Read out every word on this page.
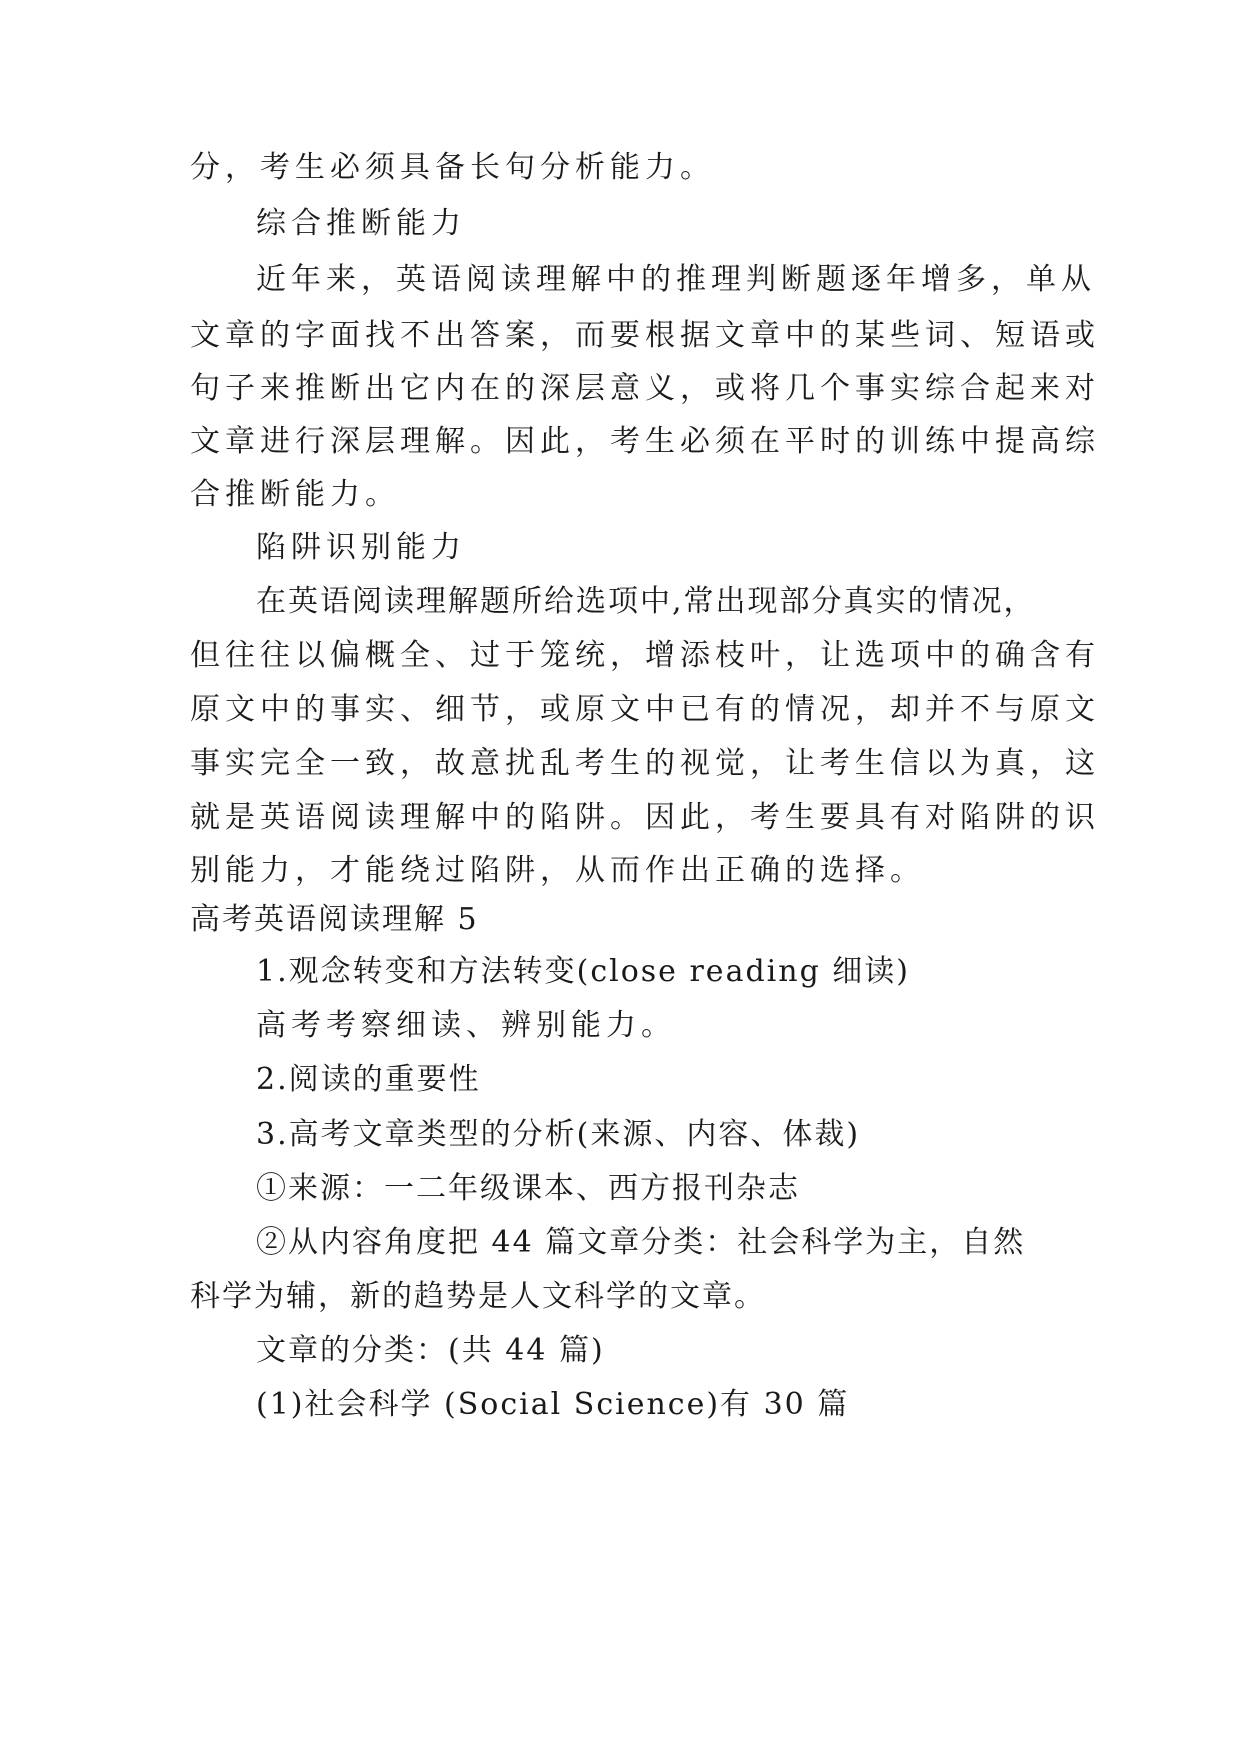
分，考生必须具备长句分析能力。
综合推断能力
近年来，英语阅读理解中的推理判断题逐年增多，单从
文章的字面找不出答案，而要根据文章中的某些词、短语或
句子来推断出它内在的深层意义，或将几个事实综合起来对
文章进行深层理解。因此，考生必须在平时的训练中提高综
合推断能力。
陷阱识别能力
在英语阅读理解题所给选项中,常出现部分真实的情况，
但往往以偏概全、过于笼统，增添枝叶，让选项中的确含有
原文中的事实、细节，或原文中已有的情况，却并不与原文
事实完全一致，故意扰乱考生的视觉，让考生信以为真，这
就是英语阅读理解中的陷阱。因此，考生要具有对陷阱的识
别能力，才能绕过陷阱，从而作出正确的选择。
高考英语阅读理解 5
1.观念转变和方法转变(close reading 细读)
高考考察细读、辨别能力。
2.阅读的重要性
3.高考文章类型的分析(来源、内容、体裁)
①来源：一二年级课本、西方报刊杂志
②从内容角度把 44 篇文章分类：社会科学为主，自然
科学为辅，新的趋势是人文科学的文章。
文章的分类：(共 44 篇)
(1)社会科学 (Social Science)有 30 篇
